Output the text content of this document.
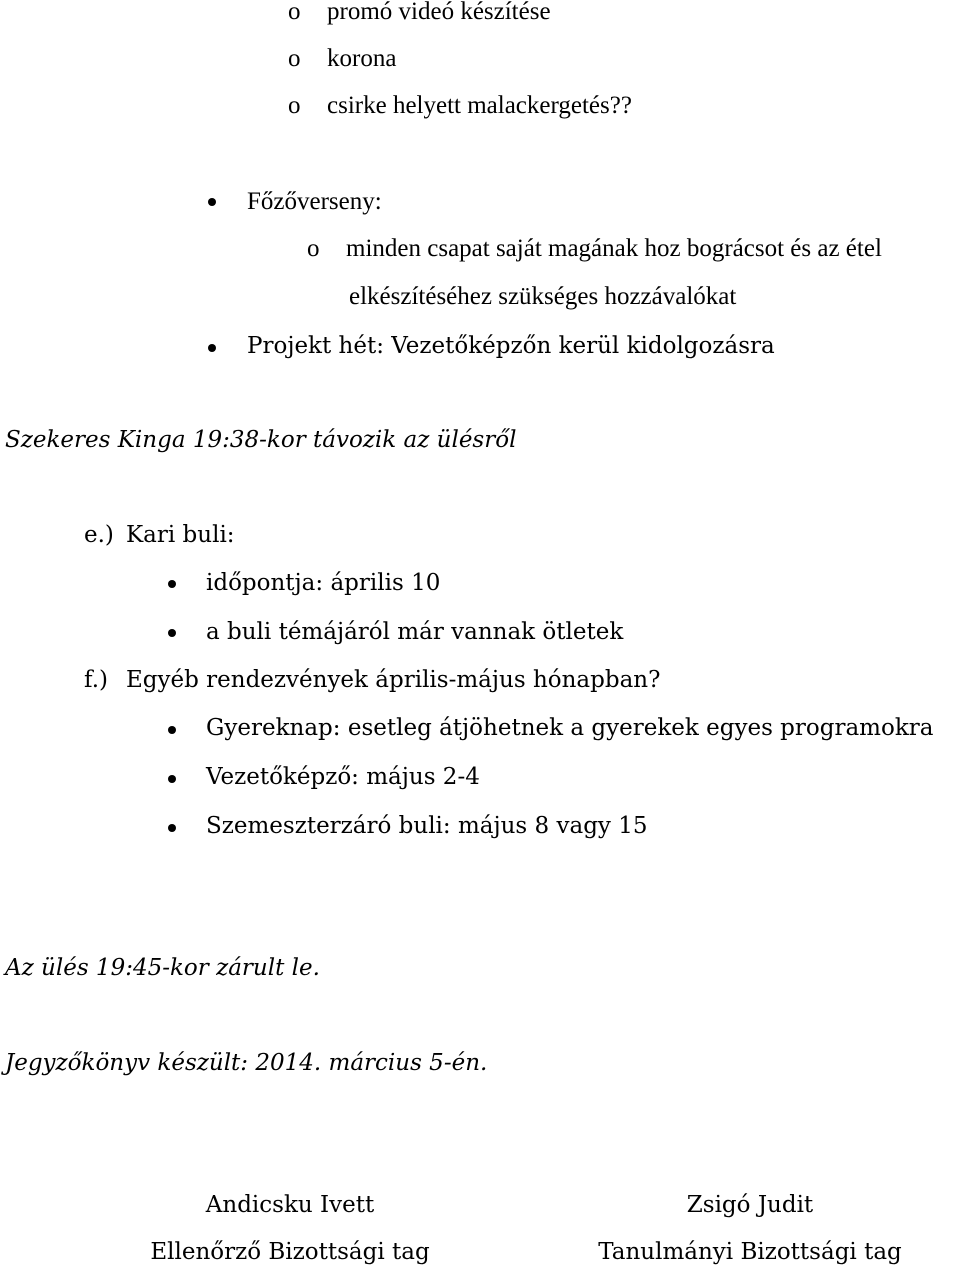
o promó videó készítése
o korona
o csirke helyett malackergetés??
Főzőverseny:
o minden csapat saját magának hoz bográcsot és az étel
elkészítéséhez szükséges hozzávalókat
Projekt hét: Vezetőképzőn kerül kidolgozásra
Szekeres Kinga 19:38-kor távozik az ülésről
e.) Kari buli:
időpontja: április 10
a buli témájáról már vannak ötletek
f.) Egyéb rendezvények április-május hónapban?
Gyereknap: esetleg átjöhetnek a gyerekek egyes programokra
Vezetőképző: május 2-4
Szemeszterzáró buli: május 8 vagy 15
Az ülés 19:45-kor zárult le.
Jegyzőkönyv készült: 2014. március 5-én.
Andicsku Ivett
Ellenőrző Bizottsági tag
Zsigó Judit
Tanulmányi Bizottsági tag
